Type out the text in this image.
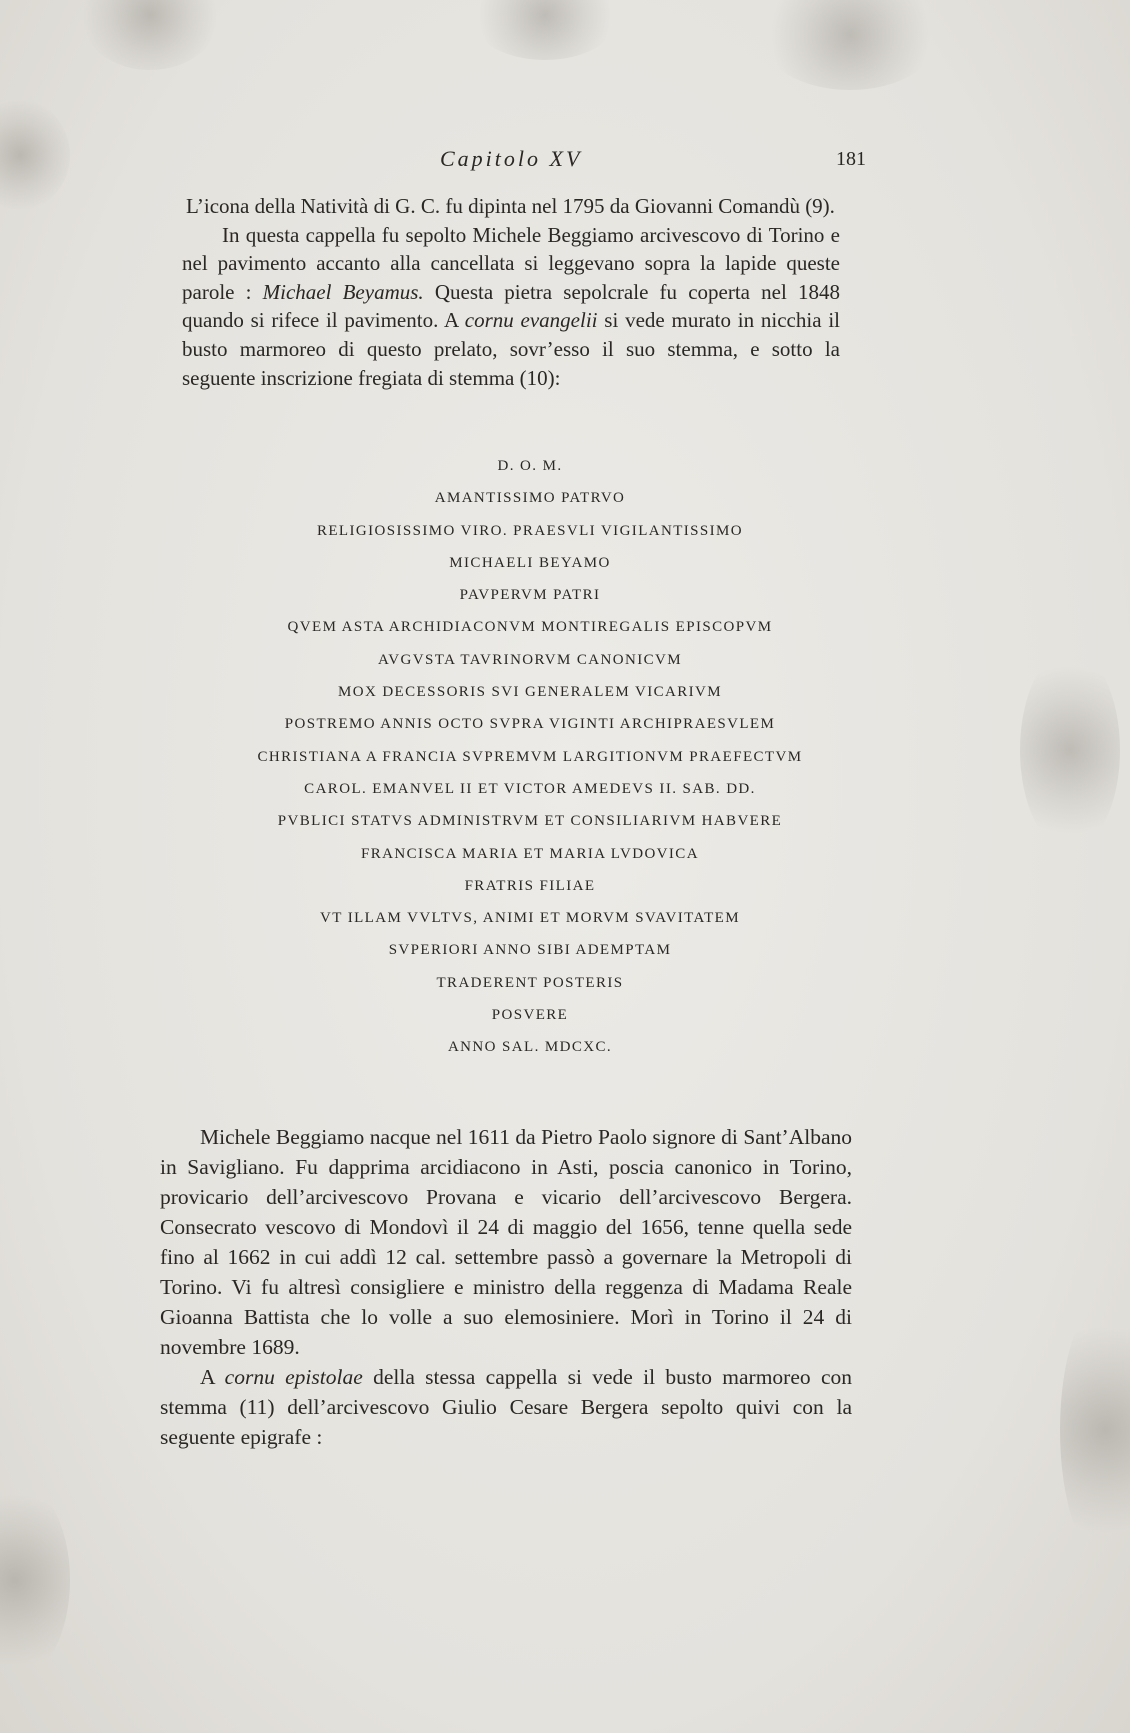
Capitolo XV	181

L’icona della Natività di G. C. fu dipinta nel 1795 da Giovanni Comandù (9).

In questa cappella fu sepolto Michele Beggiamo arcivescovo di Torino e nel pavimento accanto alla cancellata si leggevano sopra la lapide queste parole : Michael Beyamus. Questa pietra sepolcrale fu coperta nel 1848 quando si rifece il pavimento. A cornu evangelii si vede murato in nicchia il busto marmoreo di questo prelato, sovr’esso il suo stemma, e sotto la seguente inscrizione fregiata di stemma (10):

D. O. M.
AMANTISSIMO PATRVO
RELIGIOSISSIMO VIRO. PRAESVLI VIGILANTISSIMO
MICHAELI BEYAMO
PAVPERVM PATRI
QVEM ASTA ARCHIDIACONVM MONTIREGALIS EPISCOPVM
AVGVSTA TAVRINORVM CANONICVM
MOX DECESSORIS SVI GENERALEM VICARIVM
POSTREMO ANNIS OCTO SVPRA VIGINTI ARCHIPRAESVLEM
CHRISTIANA A FRANCIA SVPREMVM LARGITIONVM PRAEFECTVM
CAROL. EMANVEL II ET VICTOR AMEDEVS II. SAB. DD.
PVBLICI STATVS ADMINISTRVM ET CONSILIARIVM HABVERE
FRANCISCA MARIA ET MARIA LVDOVICA
FRATRIS FILIAE
VT ILLAM VVLTVS, ANIMI ET MORVM SVAVITATEM
SVPERIORI ANNO SIBI ADEMPTAM
TRADERENT POSTERIS
POSVERE
ANNO SAL. MDCXC.

Michele Beggiamo nacque nel 1611 da Pietro Paolo signore di Sant’Albano in Savigliano. Fu dapprima arcidiacono in Asti, poscia canonico in Torino, provicario dell’arcivescovo Provana e vicario dell’arcivescovo Bergera. Consecrato vescovo di Mondovì il 24 di maggio del 1656, tenne quella sede fino al 1662 in cui addì 12 cal. settembre passò a governare la Metropoli di Torino. Vi fu altresì consigliere e ministro della reggenza di Madama Reale Gioanna Battista che lo volle a suo elemosiniere. Morì in Torino il 24 di novembre 1689.

A cornu epistolae della stessa cappella si vede il busto marmoreo con stemma (11) dell’arcivescovo Giulio Cesare Bergera sepolto quivi con la seguente epigrafe :
